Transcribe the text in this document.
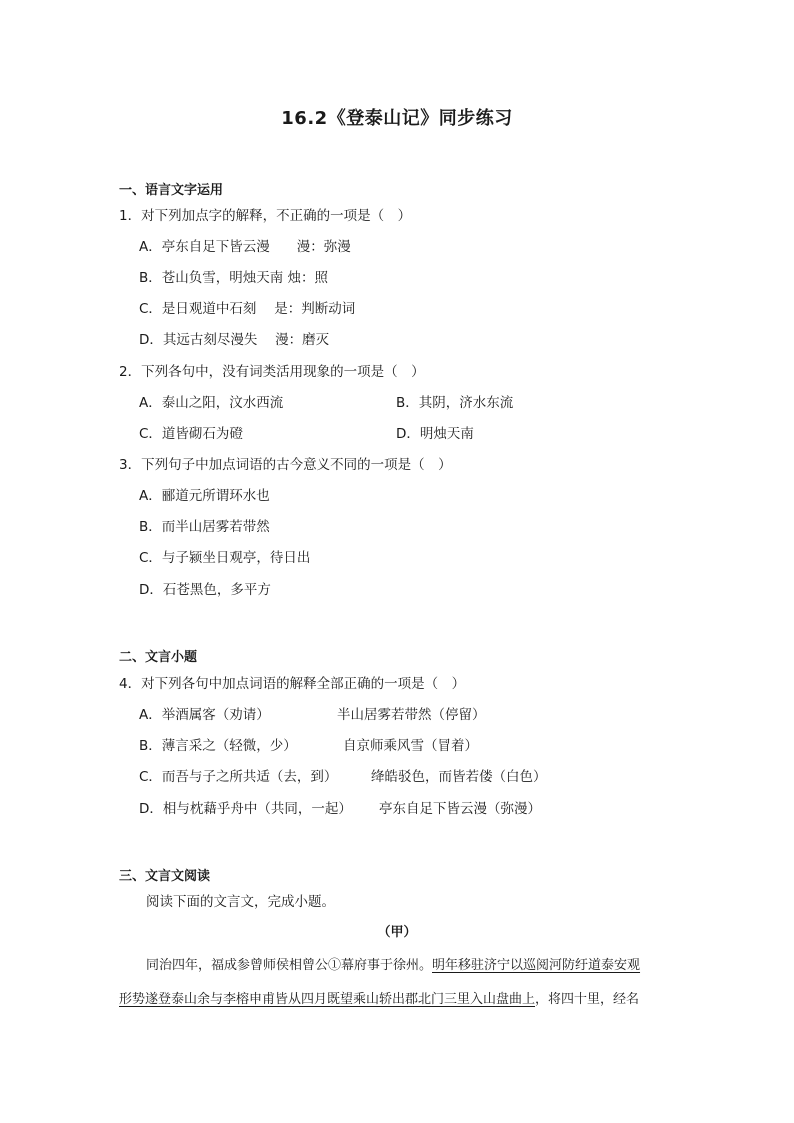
16.2《登泰山记》同步练习
一、语言文字运用
1．对下列加点字的解释，不正确的一项是（　）
A．亭东自足下皆云漫　　漫：弥漫
B．苍山负雪，明烛天南 烛：照
C．是日观道中石刻　 是：判断动词
D．其远古刻尽漫失　 漫：磨灭
2．下列各句中，没有词类活用现象的一项是（　）
A．泰山之阳，汶水西流	B．其阴，济水东流
C．道皆砌石为磴	D．明烛天南
3．下列句子中加点词语的古今意义不同的一项是（　）
A．郦道元所谓环水也
B．而半山居雾若带然
C．与子颍坐日观亭，待日出
D．石苍黑色，多平方
二、文言小题
4．对下列各句中加点词语的解释全部正确的一项是（　）
A．举酒属客（劝请）	半山居雾若带然（停留）
B．薄言采之（轻微，少）	自京师乘风雪（冒着）
C．而吾与子之所共适（去，到） 绛皓驳色，而皆若偻（白色）
D．相与枕藉乎舟中（共同，一起） 亭东自足下皆云漫（弥漫）
三、文言文阅读
阅读下面的文言文，完成小题。
（甲）
同治四年，福成参曾师侯相曾公①幕府事于徐州。明年移驻济宁以巡阅河防纡道泰安观
形势遂登泰山余与李榕申甫皆从四月既望乘山轿出郡北门三里入山盘曲上，将四十里，经名
